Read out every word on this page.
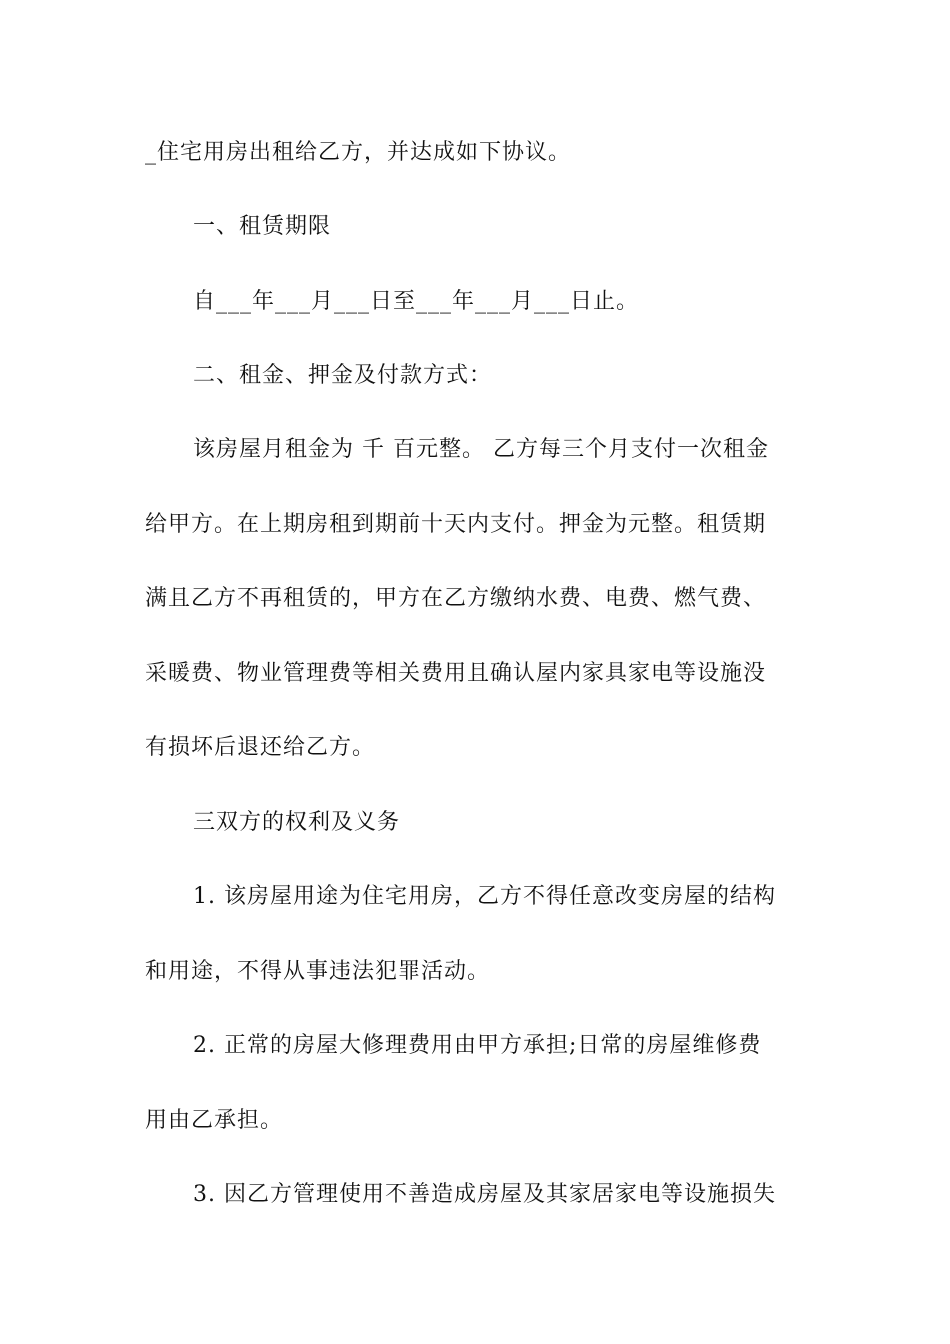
_住宅用房出租给乙方，并达成如下协议。
一、租赁期限
自___年___月___日至___年___月___日止。
二、租金、押金及付款方式：
该房屋月租金为 千 百元整。 乙方每三个月支付一次租金
给甲方。在上期房租到期前十天内支付。押金为元整。租赁期
满且乙方不再租赁的，甲方在乙方缴纳水费、电费、燃气费、
采暖费、物业管理费等相关费用且确认屋内家具家电等设施没
有损坏后退还给乙方。
三双方的权利及义务
1. 该房屋用途为住宅用房，乙方不得任意改变房屋的结构
和用途，不得从事违法犯罪活动。
2. 正常的房屋大修理费用由甲方承担;日常的房屋维修费
用由乙承担。
3. 因乙方管理使用不善造成房屋及其家居家电等设施损失
